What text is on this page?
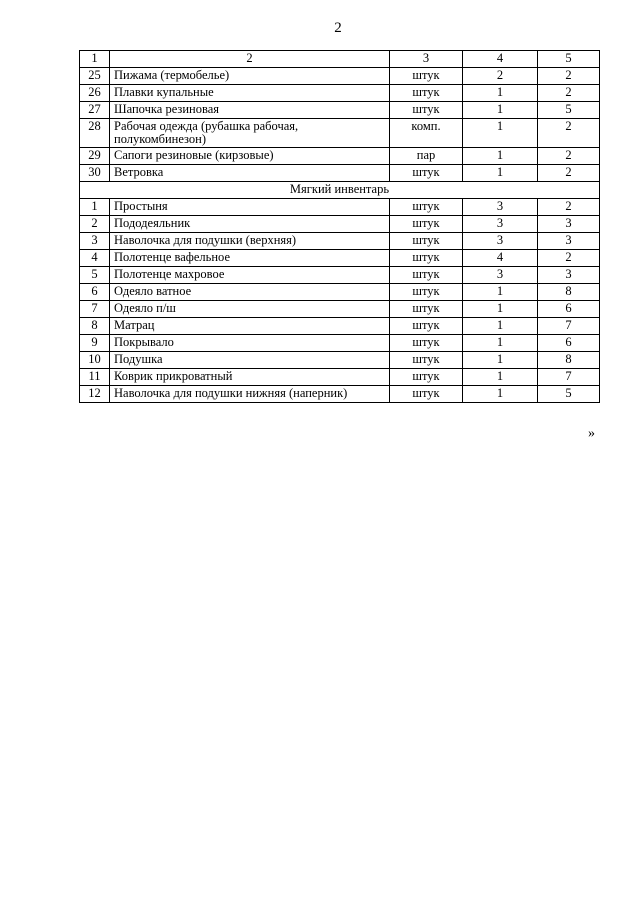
2
1	2	3	4	5
25	Пижама (термобелье)	штук	2	2
26	Плавки купальные	штук	1	2
27	Шапочка резиновая	штук	1	5
28	Рабочая одежда (рубашка рабочая, полукомбинезон)	комп.	1	2
29	Сапоги резиновые (кирзовые)	пар	1	2
30	Ветровка	штук	1	2
Мягкий инвентарь				
1	Простыня	штук	3	2
2	Пододеяльник	штук	3	3
3	Наволочка для подушки (верхняя)	штук	3	3
4	Полотенце вафельное	штук	4	2
5	Полотенце махровое	штук	3	3
6	Одеяло ватное	штук	1	8
7	Одеяло п/ш	штук	1	6
8	Матрац	штук	1	7
9	Покрывало	штук	1	6
10	Подушка	штук	1	8
11	Коврик прикроватный	штук	1	7
12	Наволочка для подушки нижняя (наперник)	штук	1	5
»
